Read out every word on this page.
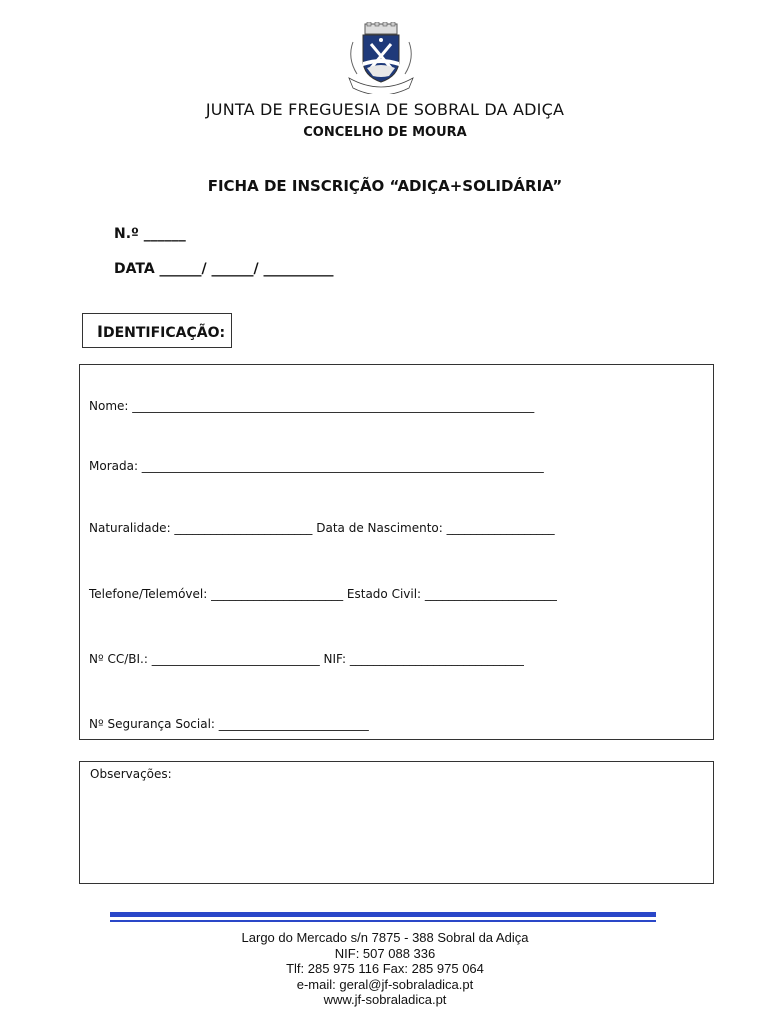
JUNTA DE FREGUESIA DE SOBRAL DA ADIÇA
CONCELHO DE MOURA
FICHA DE INSCRIÇÃO “ADIÇA+SOLIDÁRIA”
N.º ______
DATA ______/ ______/ __________
IDENTIFICAÇÃO:
Nome: ___________________________________________________________________
Morada: ___________________________________________________________________
Naturalidade: _______________________ Data de Nascimento: __________________
Telefone/Telemóvel: ______________________ Estado Civil: ______________________
Nº CC/BI.: ____________________________ NIF: _____________________________
Nº Segurança Social: _________________________
Observações:
Largo do Mercado s/n 7875 - 388 Sobral da Adiça
NIF: 507 088 336
Tlf: 285 975 116 Fax: 285 975 064
e-mail: geral@jf-sobraladica.pt
www.jf-sobraladica.pt
